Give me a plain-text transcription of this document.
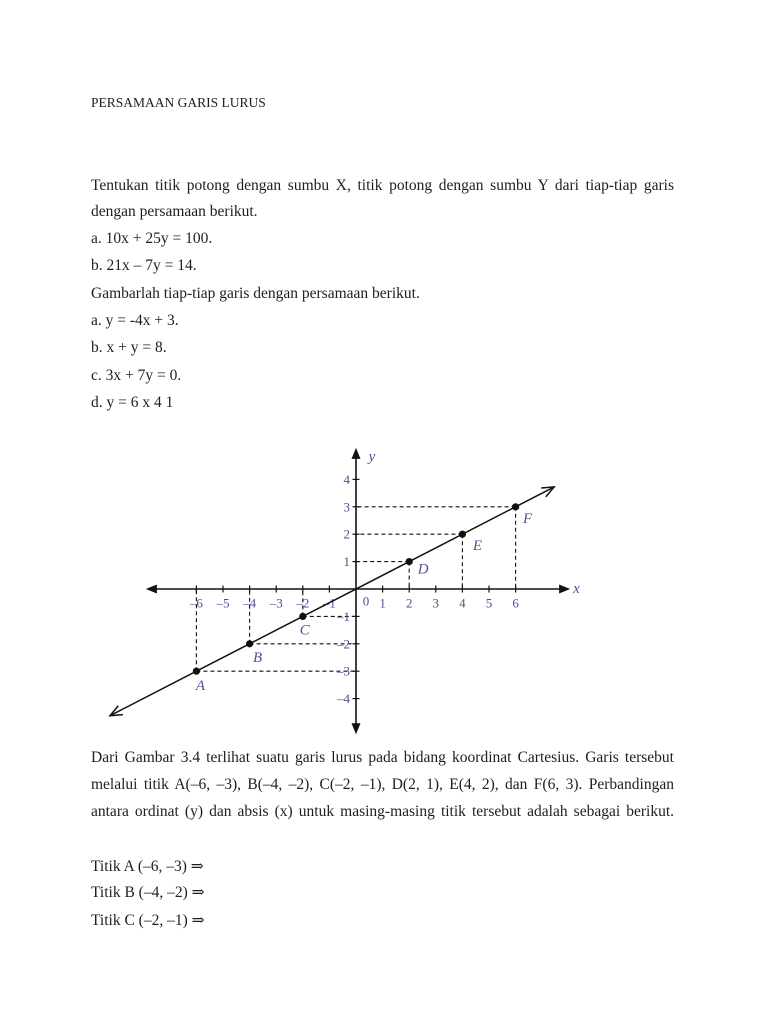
PERSAMAAN GARIS LURUS
Tentukan titik potong dengan sumbu X, titik potong dengan sumbu Y dari tiap-tiap garis
dengan persamaan berikut.
a. 10x + 25y = 100.
b. 21x – 7y = 14.
Gambarlah tiap-tiap garis dengan persamaan berikut.
a. y = -4x + 3.
b. x + y = 8.
c. 3x + 7y = 0.
d. y = 6 x 4 1
–6 –5 –4 –3 –2 –1 0 1 2 3 4 5 6
4
3
2
1
–1
–2
–3
–4
A
B
C
D
E
F
x
y
Dari Gambar 3.4 terlihat suatu garis lurus pada bidang koordinat Cartesius. Garis tersebut
melalui titik A(–6, –3), B(–4, –2), C(–2, –1), D(2, 1), E(4, 2), dan F(6, 3). Perbandingan
antara ordinat (y) dan absis (x) untuk masing-masing titik tersebut adalah sebagai berikut.
Titik A (–6, –3) ⇒
Titik B (–4, –2) ⇒
Titik C (–2, –1) ⇒
